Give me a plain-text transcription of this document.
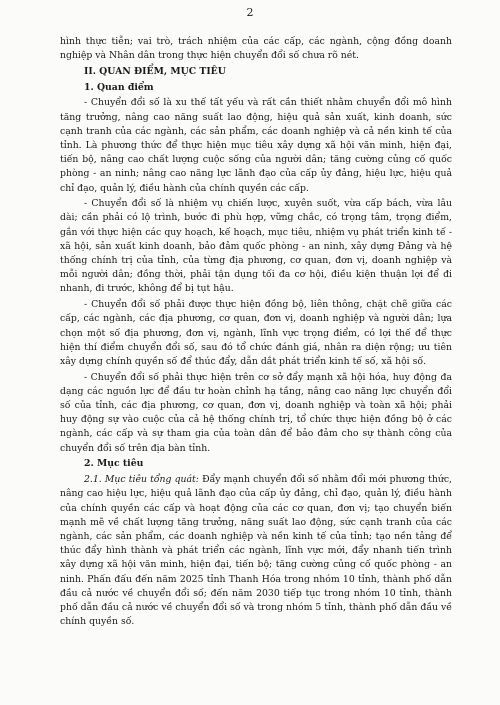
2

hình thực tiễn; vai trò, trách nhiệm của các cấp, các ngành, cộng đồng doanh nghiệp và Nhân dân trong thực hiện chuyển đổi số chưa rõ nét.

II. QUAN ĐIỂM, MỤC TIÊU

1. Quan điểm

- Chuyển đổi số là xu thế tất yếu và rất cần thiết nhằm chuyển đổi mô hình tăng trưởng, nâng cao năng suất lao động, hiệu quả sản xuất, kinh doanh, sức cạnh tranh của các ngành, các sản phẩm, các doanh nghiệp và cả nền kinh tế của tỉnh. Là phương thức để thực hiện mục tiêu xây dựng xã hội văn minh, hiện đại, tiến bộ, nâng cao chất lượng cuộc sống của người dân; tăng cường củng cố quốc phòng - an ninh; nâng cao năng lực lãnh đạo của cấp ủy đảng, hiệu lực, hiệu quả chỉ đạo, quản lý, điều hành của chính quyền các cấp.

- Chuyển đổi số là nhiệm vụ chiến lược, xuyên suốt, vừa cấp bách, vừa lâu dài; cần phải có lộ trình, bước đi phù hợp, vững chắc, có trọng tâm, trọng điểm, gắn với thực hiện các quy hoạch, kế hoạch, mục tiêu, nhiệm vụ phát triển kinh tế - xã hội, sản xuất kinh doanh, bảo đảm quốc phòng - an ninh, xây dựng Đảng và hệ thống chính trị của tỉnh, của từng địa phương, cơ quan, đơn vị, doanh nghiệp và mỗi người dân; đồng thời, phải tận dụng tối đa cơ hội, điều kiện thuận lợi để đi nhanh, đi trước, không để bị tụt hậu.

- Chuyển đổi số phải được thực hiện đồng bộ, liên thông, chặt chẽ giữa các cấp, các ngành, các địa phương, cơ quan, đơn vị, doanh nghiệp và người dân; lựa chọn một số địa phương, đơn vị, ngành, lĩnh vực trọng điểm, có lợi thế để thực hiện thí điểm chuyển đổi số, sau đó tổ chức đánh giá, nhân ra diện rộng; ưu tiên xây dựng chính quyền số để thúc đẩy, dẫn dắt phát triển kinh tế số, xã hội số.

- Chuyển đổi số phải thực hiện trên cơ sở đẩy mạnh xã hội hóa, huy động đa dạng các nguồn lực để đầu tư hoàn chỉnh hạ tầng, nâng cao năng lực chuyển đổi số của tỉnh, các địa phương, cơ quan, đơn vị, doanh nghiệp và toàn xã hội; phải huy động sự vào cuộc của cả hệ thống chính trị, tổ chức thực hiện đồng bộ ở các ngành, các cấp và sự tham gia của toàn dân để bảo đảm cho sự thành công của chuyển đổi số trên địa bàn tỉnh.

2. Mục tiêu

2.1. Mục tiêu tổng quát: Đẩy mạnh chuyển đổi số nhằm đổi mới phương thức, nâng cao hiệu lực, hiệu quả lãnh đạo của cấp ủy đảng, chỉ đạo, quản lý, điều hành của chính quyền các cấp và hoạt động của các cơ quan, đơn vị; tạo chuyển biến mạnh mẽ về chất lượng tăng trưởng, năng suất lao động, sức cạnh tranh của các ngành, các sản phẩm, các doanh nghiệp và nền kinh tế của tỉnh; tạo nền tảng để thúc đẩy hình thành và phát triển các ngành, lĩnh vực mới, đẩy nhanh tiến trình xây dựng xã hội văn minh, hiện đại, tiến bộ; tăng cường củng cố quốc phòng - an ninh. Phấn đấu đến năm 2025 tỉnh Thanh Hóa trong nhóm 10 tỉnh, thành phố dẫn đầu cả nước về chuyển đổi số; đến năm 2030 tiếp tục trong nhóm 10 tỉnh, thành phố dẫn đầu cả nước về chuyển đổi số và trong nhóm 5 tỉnh, thành phố dẫn đầu về chính quyền số.
